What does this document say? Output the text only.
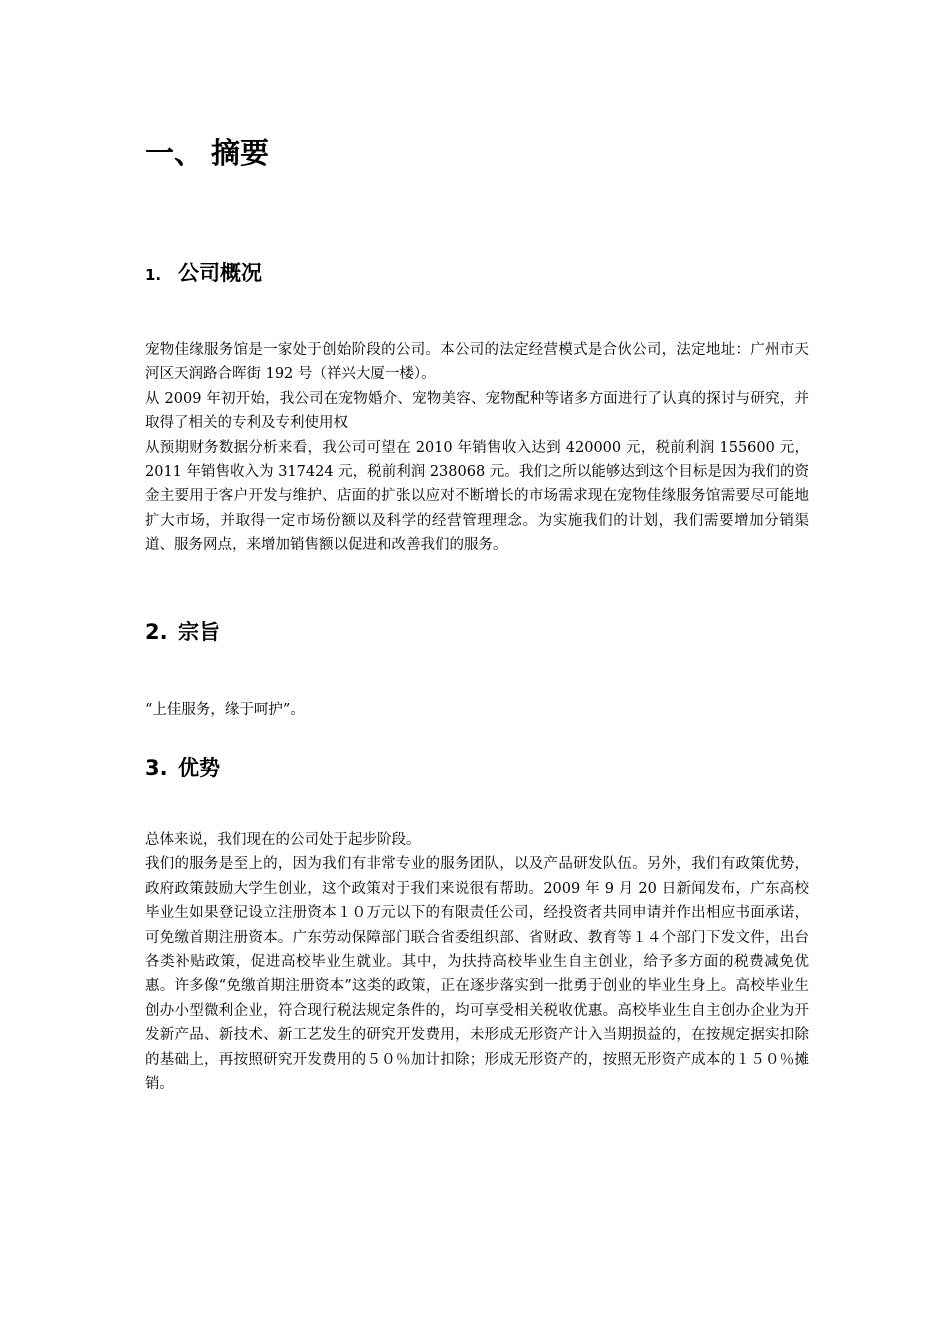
一、 摘要
1. 公司概况

宠物佳缘服务馆是一家处于创始阶段的公司。本公司的法定经营模式是合伙公司，法定地址：广州市天河区天润路合晖街 192 号（祥兴大厦一楼）。

从 2009 年初开始，我公司在宠物婚介、宠物美容、宠物配种等诸多方面进行了认真的探讨与研究，并取得了相关的专利及专利使用权

从预期财务数据分析来看，我公司可望在 2010 年销售收入达到 420000 元，税前利润 155600 元，2011 年销售收入为 317424 元，税前利润 238068 元。我们之所以能够达到这个目标是因为我们的资金主要用于客户开发与维护、店面的扩张以应对不断增长的市场需求现在宠物佳缘服务馆需要尽可能地扩大市场，并取得一定市场份额以及科学的经营管理理念。为实施我们的计划，我们需要增加分销渠道、服务网点，来增加销售额以促进和改善我们的服务。

2. 宗旨

“上佳服务，缘于呵护”。

3. 优势

总体来说，我们现在的公司处于起步阶段。

我们的服务是至上的，因为我们有非常专业的服务团队，以及产品研发队伍。另外，我们有政策优势，政府政策鼓励大学生创业，这个政策对于我们来说很有帮助。2009 年 9 月 20 日新闻发布，广东高校毕业生如果登记设立注册资本１０万元以下的有限责任公司，经投资者共同申请并作出相应书面承诺，可免缴首期注册资本。广东劳动保障部门联合省委组织部、省财政、教育等１４个部门下发文件，出台各类补贴政策，促进高校毕业生就业。其中，为扶持高校毕业生自主创业，给予多方面的税费减免优惠。许多像“免缴首期注册资本”这类的政策，正在逐步落实到一批勇于创业的毕业生身上。高校毕业生创办小型微利企业，符合现行税法规定条件的，均可享受相关税收优惠。高校毕业生自主创办企业为开发新产品、新技术、新工艺发生的研究开发费用，未形成无形资产计入当期损益的，在按规定据实扣除的基础上，再按照研究开发费用的５０％加计扣除；形成无形资产的，按照无形资产成本的１５０％摊销。
